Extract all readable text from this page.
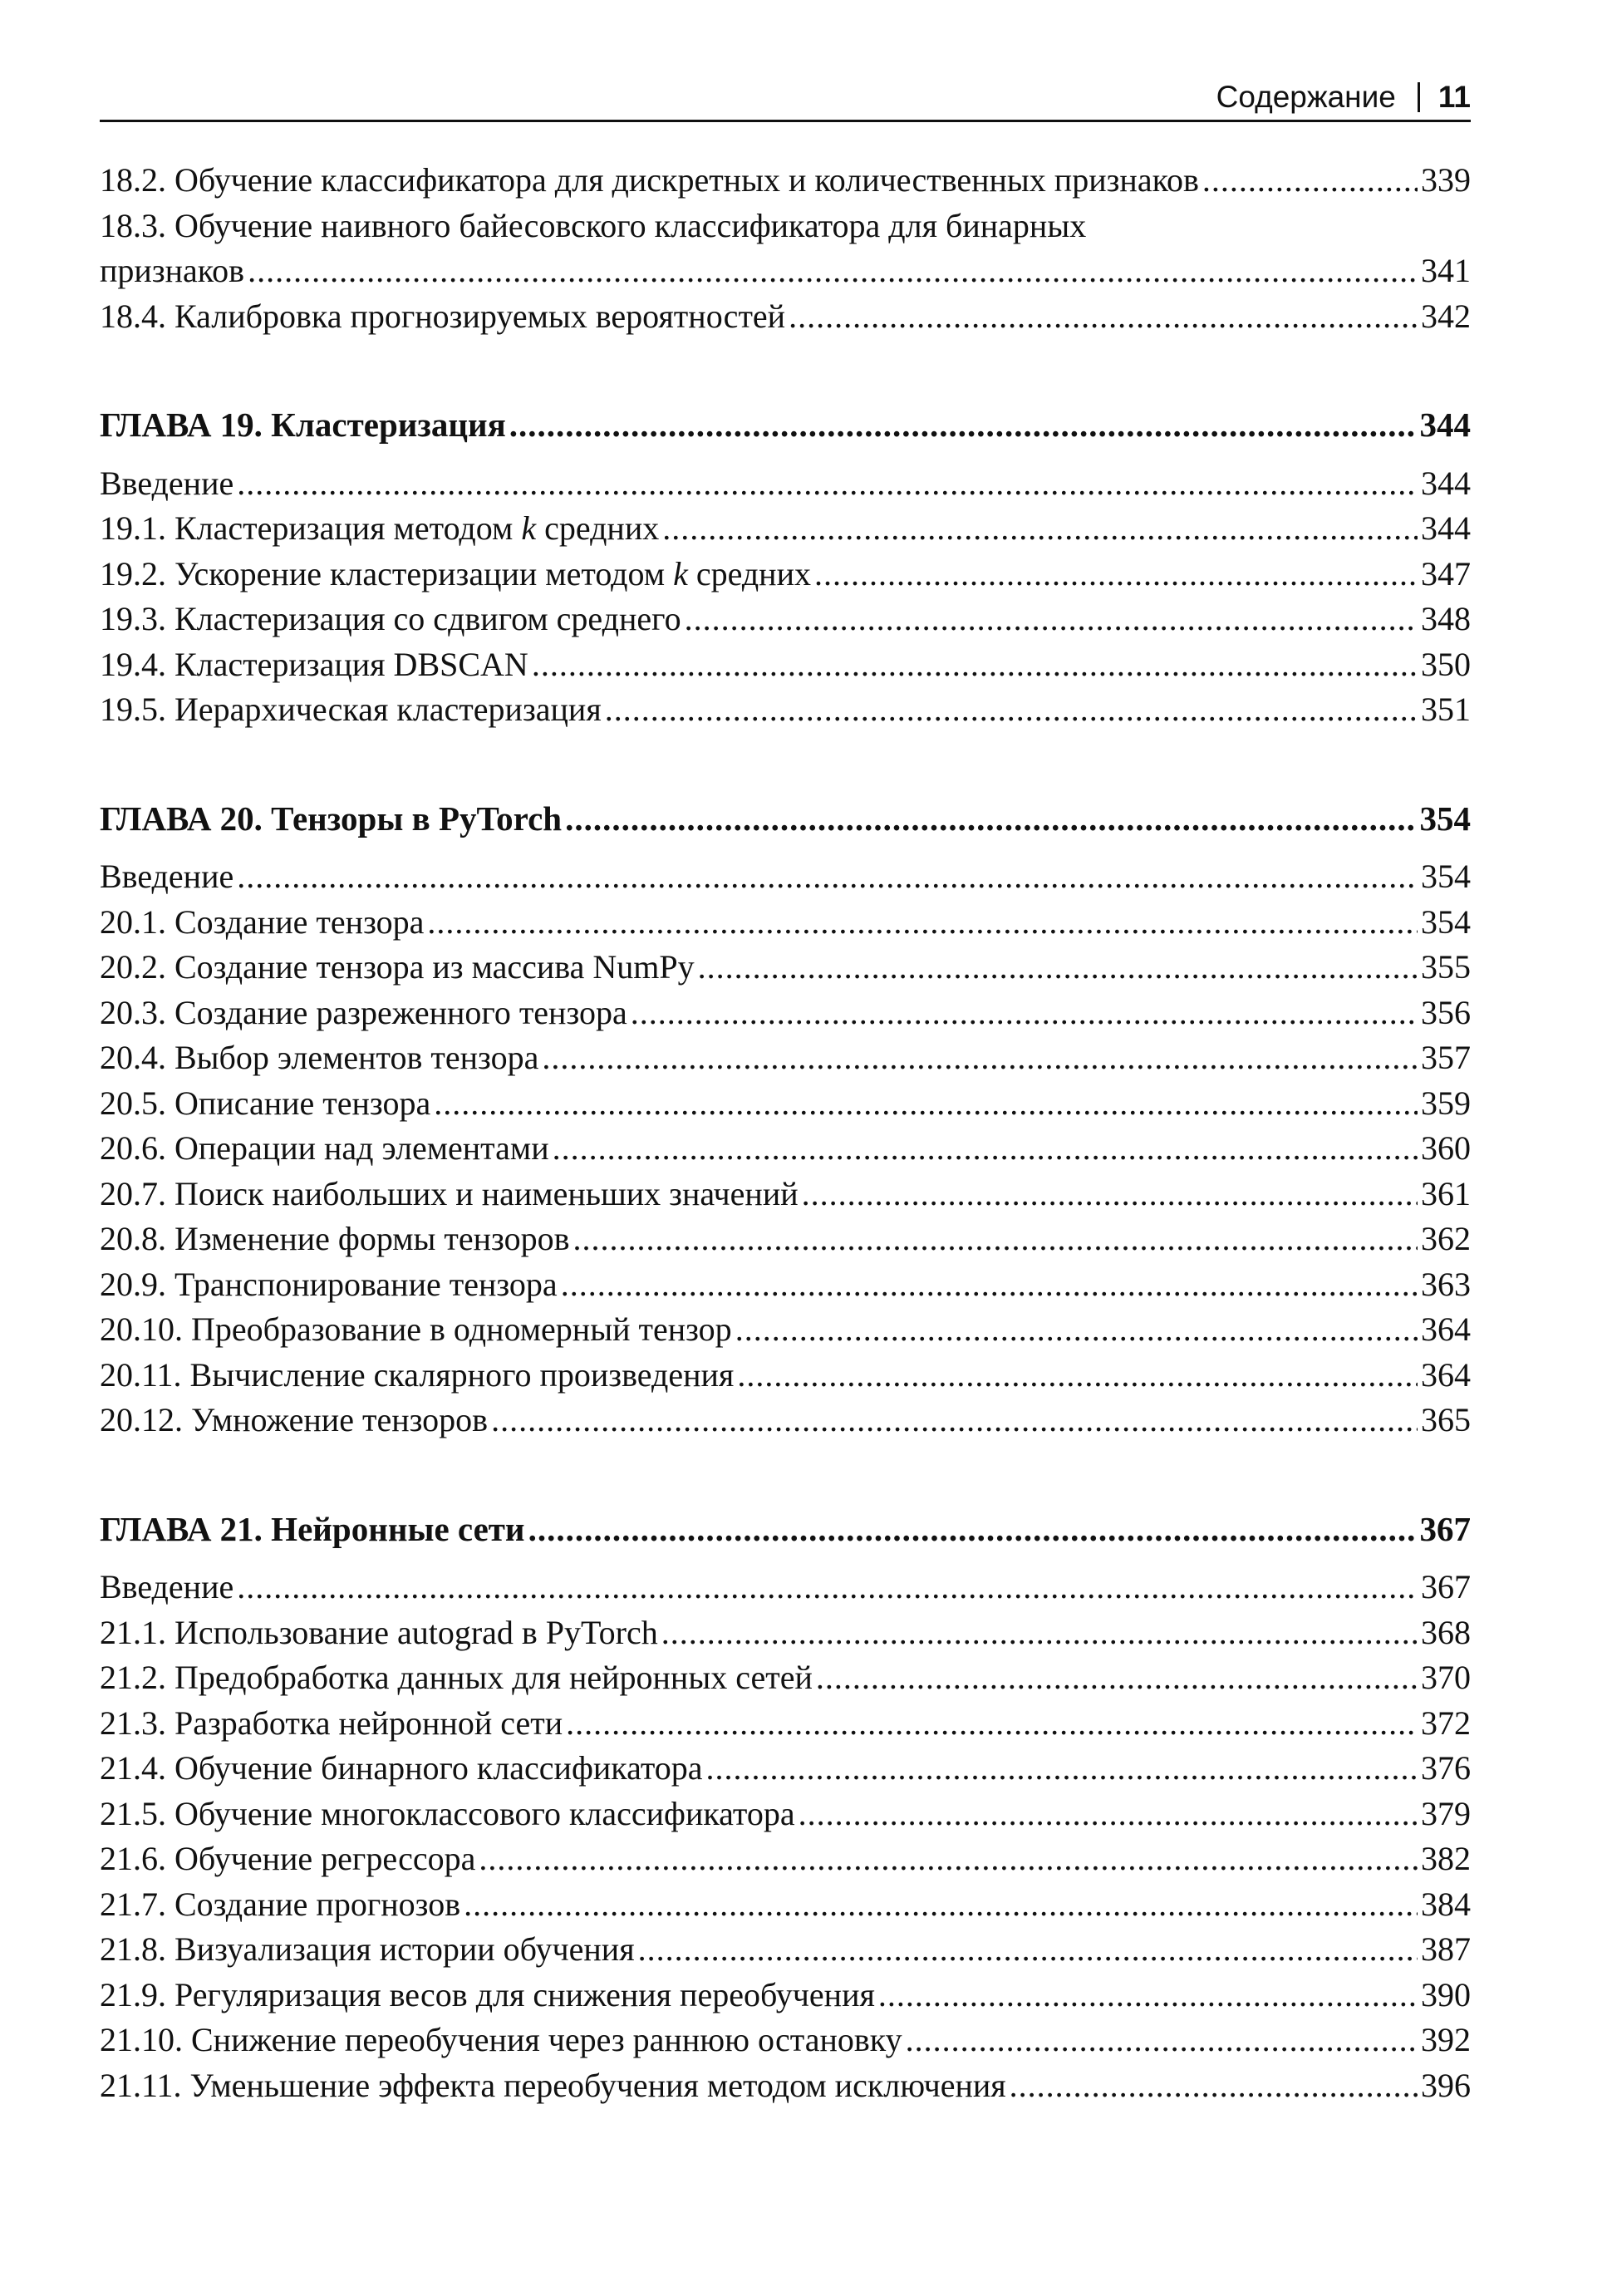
Содержание 11
18.2. Обучение классификатора для дискретных и количественных признаков .....	339
18.3. Обучение наивного байесовского классификатора для бинарных
признаков .....	341
18.4. Калибровка прогнозируемых вероятностей .....	342
ГЛАВА 19. Кластеризация .....	344
Введение .....	344
19.1. Кластеризация методом k средних .....	344
19.2. Ускорение кластеризации методом k средних .....	347
19.3. Кластеризация со сдвигом среднего .....	348
19.4. Кластеризация DBSCAN .....	350
19.5. Иерархическая кластеризация .....	351
ГЛАВА 20. Тензоры в PyTorch .....	354
Введение .....	354
20.1. Создание тензора .....	354
20.2. Создание тензора из массива NumPy .....	355
20.3. Создание разреженного тензора .....	356
20.4. Выбор элементов тензора .....	357
20.5. Описание тензора .....	359
20.6. Операции над элементами .....	360
20.7. Поиск наибольших и наименьших значений .....	361
20.8. Изменение формы тензоров .....	362
20.9. Транспонирование тензора .....	363
20.10. Преобразование в одномерный тензор .....	364
20.11. Вычисление скалярного произведения .....	364
20.12. Умножение тензоров .....	365
ГЛАВА 21. Нейронные сети .....	367
Введение .....	367
21.1. Использование autograd в PyTorch .....	368
21.2. Предобработка данных для нейронных сетей .....	370
21.3. Разработка нейронной сети .....	372
21.4. Обучение бинарного классификатора .....	376
21.5. Обучение многоклассового классификатора .....	379
21.6. Обучение регрессора .....	382
21.7. Создание прогнозов .....	384
21.8. Визуализация истории обучения .....	387
21.9. Регуляризация весов для снижения переобучения .....	390
21.10. Снижение переобучения через раннюю остановку .....	392
21.11. Уменьшение эффекта переобучения методом исключения .....	396
